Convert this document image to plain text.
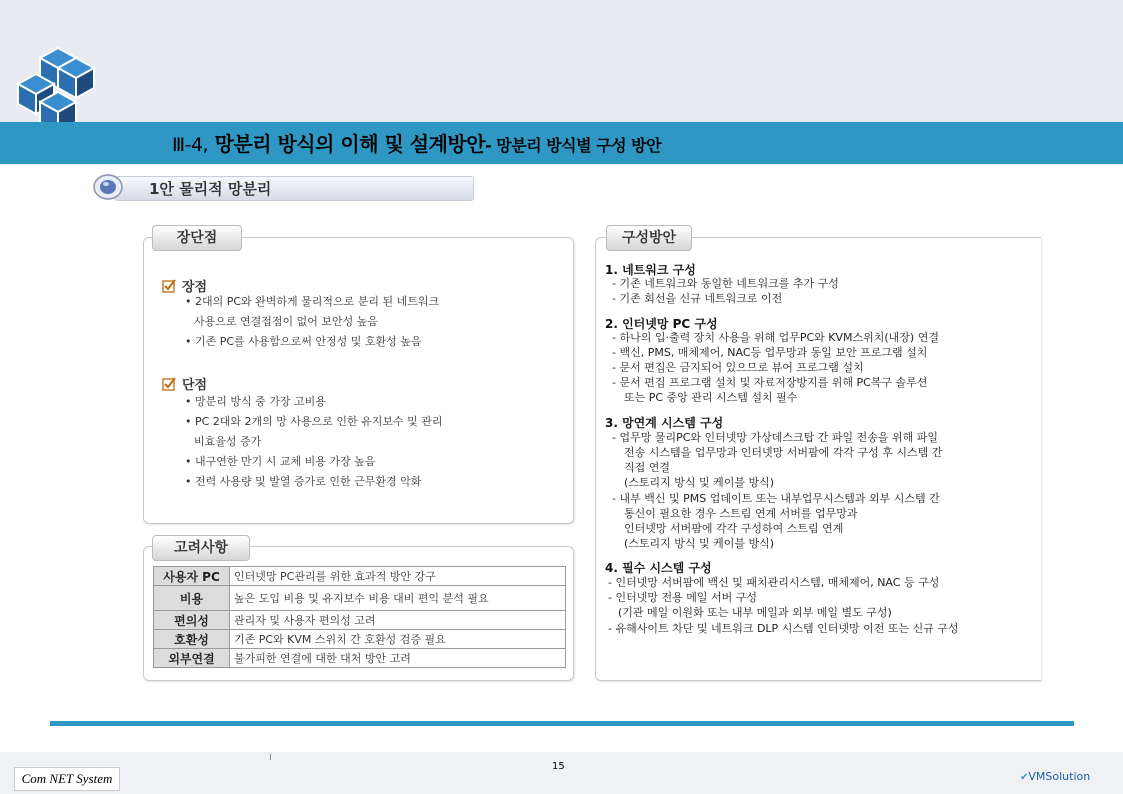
Ⅲ-4, 망분리 방식의 이해 및 설계방안- 망분리 방식별 구성 방안
1안 물리적 망분리
장단점
장점
• 2대의 PC와 완벽하게 물리적으로 분리 된 네트워크
사용으로 연결접점이 없어 보안성 높음
• 기존 PC를 사용함으로써 안정성 및 호환성 높음
단점
• 망분리 방식 중 가장 고비용
• PC 2대와 2개의 망 사용으로 인한 유지보수 및 관리
비효율성 증가
• 내구연한 만기 시 교체 비용 가장 높음
• 전력 사용량 및 발열 증가로 인한 근무환경 악화
고려사항
사용자 PC	인터넷망 PC관리를 위한 효과적 방안 강구
비용	높은 도입 비용 및 유지보수 비용 대비 편익 분석 필요
편의성	관리자 및 사용자 편의성 고려
호환성	기존 PC와 KVM 스위치 간 호환성 검증 필요
외부연결	불가피한 연결에 대한 대처 방안 고려
구성방안
1. 네트워크 구성
- 기존 네트워크와 동일한 네트워크를 추가 구성
- 기존 회선을 신규 네트워크로 이전
2. 인터넷망 PC 구성
- 하나의 입·출력 장치 사용을 위해 업무PC와 KVM스위치(내장) 연결
- 백신, PMS, 매체제어, NAC등 업무망과 동일 보안 프로그램 설치
- 문서 편집은 금지되어 있으므로 뷰어 프로그램 설치
- 문서 편집 프로그램 설치 및 자료저장방지를 위해 PC복구 솔루션
또는 PC 중앙 관리 시스템 설치 필수
3. 망연계 시스템 구성
- 업무망 물리PC와 인터넷망 가상데스크탑 간 파일 전송을 위해 파일
전송 시스템을 업무망과 인터넷망 서버팜에 각각 구성 후 시스템 간
직접 연결
(스토리지 방식 및 케이블 방식)
- 내부 백신 및 PMS 업데이트 또는 내부업무시스템과 외부 시스템 간
통신이 필요한 경우 스트림 연계 서버를 업무망과
인터넷망 서버팜에 각각 구성하여 스트림 연계
(스토리지 방식 및 케이블 방식)
4. 필수 시스템 구성
- 인터넷망 서버팜에 백신 및 패치관리시스템, 매체제어, NAC 등 구성
- 인터넷망 전용 메일 서버 구성
(기관 메일 이원화 또는 내부 메일과 외부 메일 별도 구성)
- 유해사이트 차단 및 네트워크 DLP 시스템 인터넷망 이전 또는 신규 구성
15
Com NET System	✔VMSolution
